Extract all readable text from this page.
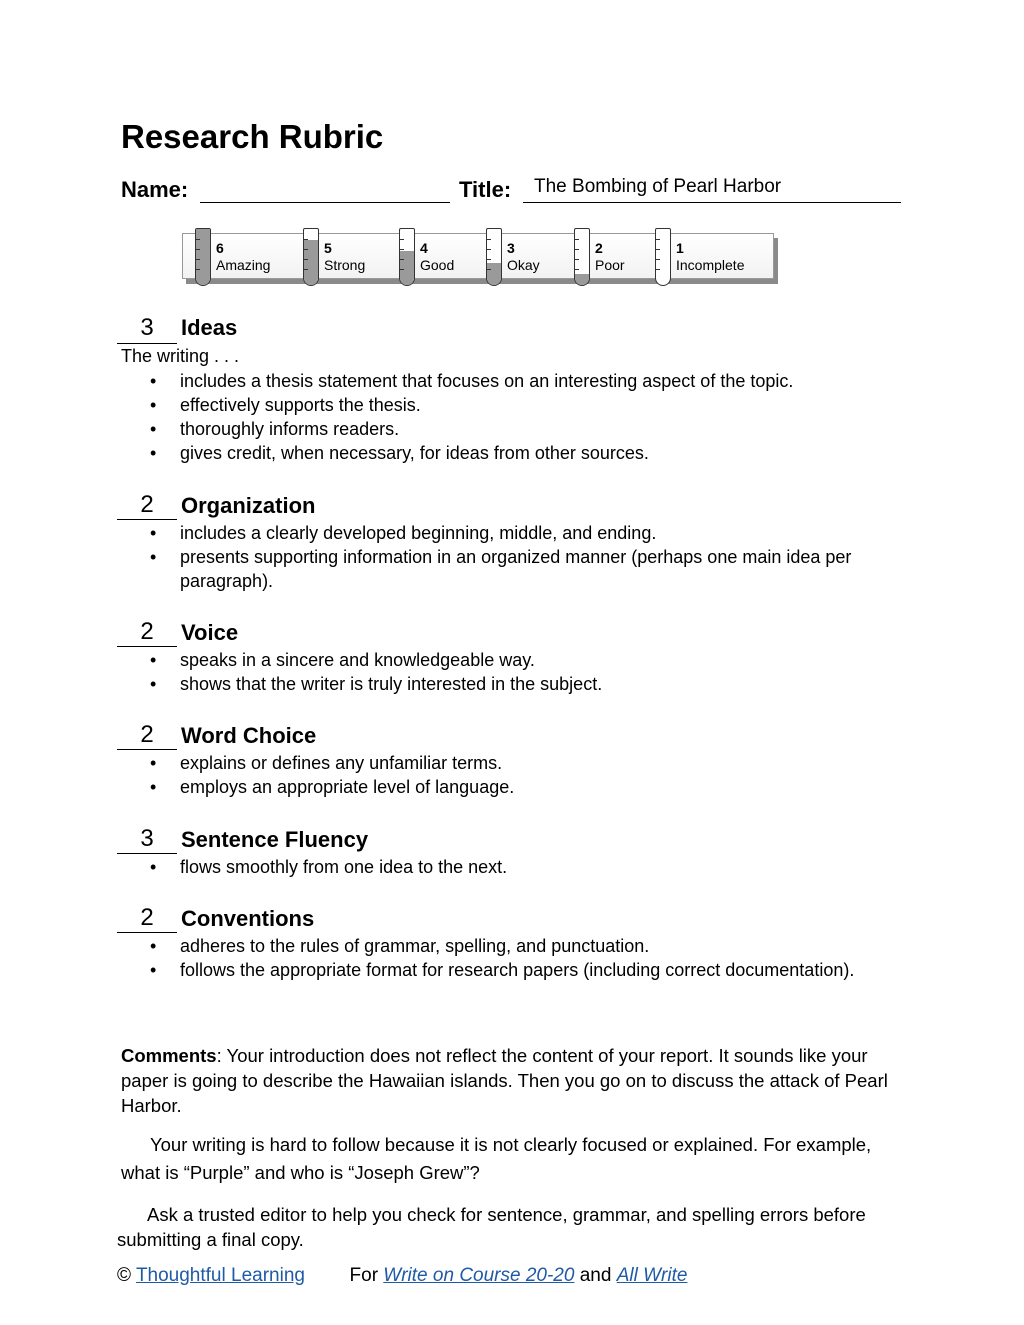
Research Rubric
Name:	Title:	The Bombing of Pearl Harbor
6
Amazing
5
Strong
4
Good
3
Okay
2
Poor
1
Incomplete
3	Ideas
The writing . . .
• includes a thesis statement that focuses on an interesting aspect of the topic.
• effectively supports the thesis.
• thoroughly informs readers.
• gives credit, when necessary, for ideas from other sources.
2	Organization
• includes a clearly developed beginning, middle, and ending.
• presents supporting information in an organized manner (perhaps one main idea per paragraph).
2	Voice
• speaks in a sincere and knowledgeable way.
• shows that the writer is truly interested in the subject.
2	Word Choice
• explains or defines any unfamiliar terms.
• employs an appropriate level of language.
3	Sentence Fluency
• flows smoothly from one idea to the next.
2	Conventions
• adheres to the rules of grammar, spelling, and punctuation.
• follows the appropriate format for research papers (including correct documentation).
Comments: Your introduction does not reflect the content of your report. It sounds like your paper is going to describe the Hawaiian islands. Then you go on to discuss the attack of Pearl Harbor.
Your writing is hard to follow because it is not clearly focused or explained. For example, what is “Purple” and who is “Joseph Grew”?
Ask a trusted editor to help you check for sentence, grammar, and spelling errors before submitting a final copy.
© Thoughtful Learning For Write on Course 20-20 and All Write
